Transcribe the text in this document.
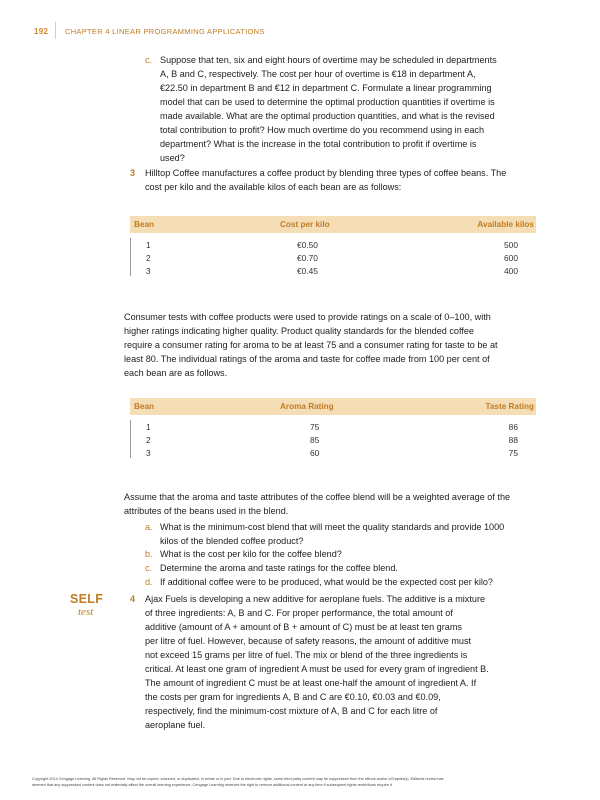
192 CHAPTER 4 LINEAR PROGRAMMING APPLICATIONS
c. Suppose that ten, six and eight hours of overtime may be scheduled in departments
A, B and C, respectively. The cost per hour of overtime is €18 in department A,
€22.50 in department B and €12 in department C. Formulate a linear programming
model that can be used to determine the optimal production quantities if overtime is
made available. What are the optimal production quantities, and what is the revised
total contribution to profit? How much overtime do you recommend using in each
department? What is the increase in the total contribution to profit if overtime is
used?
3 Hilltop Coffee manufactures a coffee product by blending three types of coffee beans. The
cost per kilo and the available kilos of each bean are as follows:
Bean	Cost per kilo	Available kilos
1	€0.50	500
2	€0.70	600
3	€0.45	400
Consumer tests with coffee products were used to provide ratings on a scale of 0–100, with
higher ratings indicating higher quality. Product quality standards for the blended coffee
require a consumer rating for aroma to be at least 75 and a consumer rating for taste to be at
least 80. The individual ratings of the aroma and taste for coffee made from 100 per cent of
each bean are as follows.
Bean	Aroma Rating	Taste Rating
1	75	86
2	85	88
3	60	75
Assume that the aroma and taste attributes of the coffee blend will be a weighted average of the
attributes of the beans used in the blend.
a. What is the minimum-cost blend that will meet the quality standards and provide 1000
kilos of the blended coffee product?
b. What is the cost per kilo for the coffee blend?
c. Determine the aroma and taste ratings for the coffee blend.
d. If additional coffee were to be produced, what would be the expected cost per kilo?
SELF
test
4 Ajax Fuels is developing a new additive for aeroplane fuels. The additive is a mixture
of three ingredients: A, B and C. For proper performance, the total amount of
additive (amount of A + amount of B + amount of C) must be at least ten grams
per litre of fuel. However, because of safety reasons, the amount of additive must
not exceed 15 grams per litre of fuel. The mix or blend of the three ingredients is
critical. At least one gram of ingredient A must be used for every gram of ingredient B.
The amount of ingredient C must be at least one-half the amount of ingredient A. If
the costs per gram for ingredients A, B and C are €0.10, €0.03 and €0.09,
respectively, find the minimum-cost mixture of A, B and C for each litre of
aeroplane fuel.
Copyright 2014 Cengage Learning. All Rights Reserved. May not be copied, scanned, or duplicated, in whole or in part. Due to electronic rights, some third party content may be suppressed from the eBook and/or eChapter(s). Editorial review has
deemed that any suppressed content does not materially affect the overall learning experience. Cengage Learning reserves the right to remove additional content at any time if subsequent rights restrictions require it.
